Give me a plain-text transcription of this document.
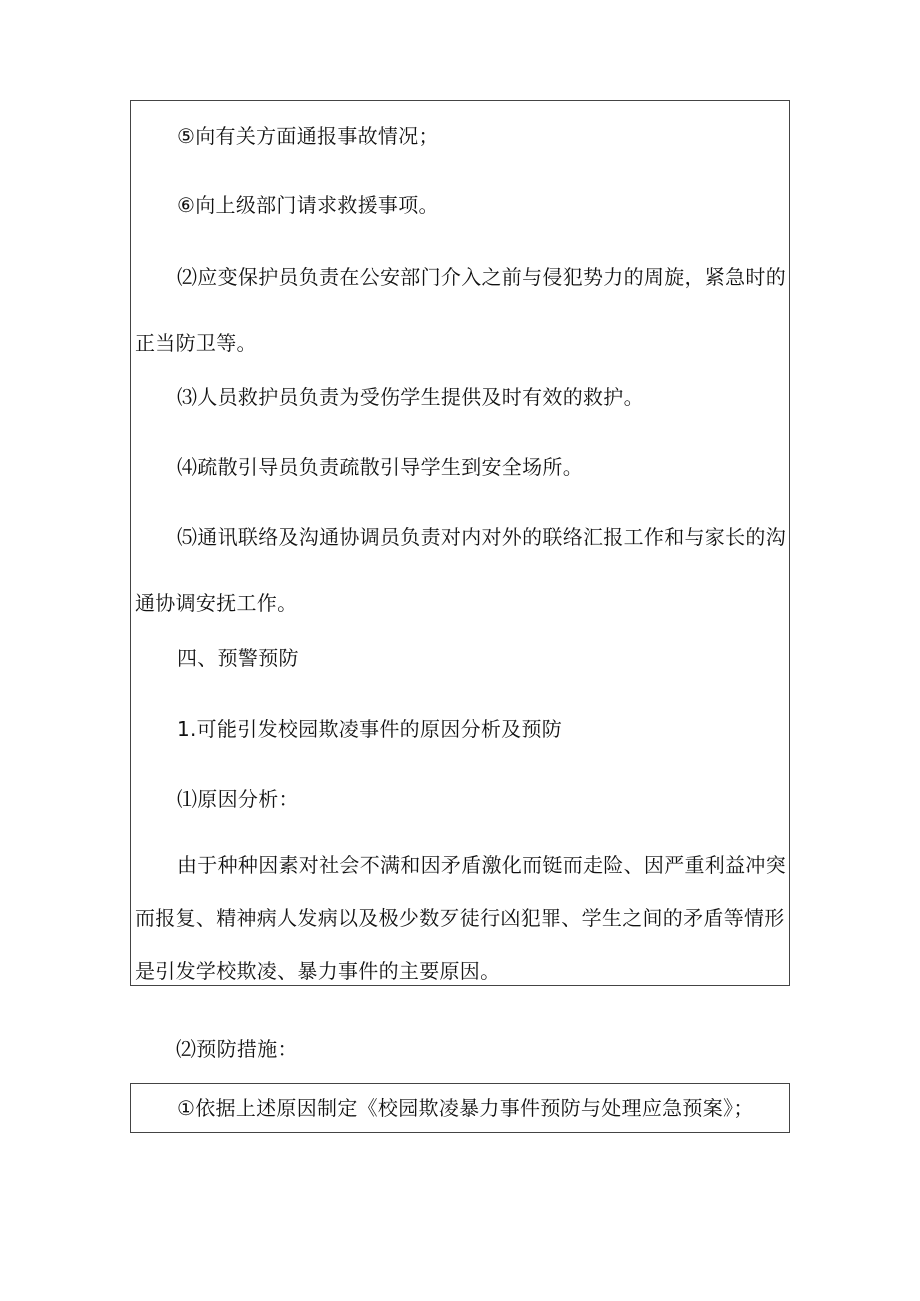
⑤向有关方面通报事故情况；

⑥向上级部门请求救援事项。

⑵应变保护员负责在公安部门介入之前与侵犯势力的周旋，紧急时的正当防卫等。

⑶人员救护员负责为受伤学生提供及时有效的救护。

⑷疏散引导员负责疏散引导学生到安全场所。

⑸通讯联络及沟通协调员负责对内对外的联络汇报工作和与家长的沟通协调安抚工作。

四、预警预防

1.可能引发校园欺凌事件的原因分析及预防

⑴原因分析：

由于种种因素对社会不满和因矛盾激化而铤而走险、因严重利益冲突而报复、精神病人发病以及极少数歹徒行凶犯罪、学生之间的矛盾等情形是引发学校欺凌、暴力事件的主要原因。

⑵预防措施：

①依据上述原因制定《校园欺凌暴力事件预防与处理应急预案》；
